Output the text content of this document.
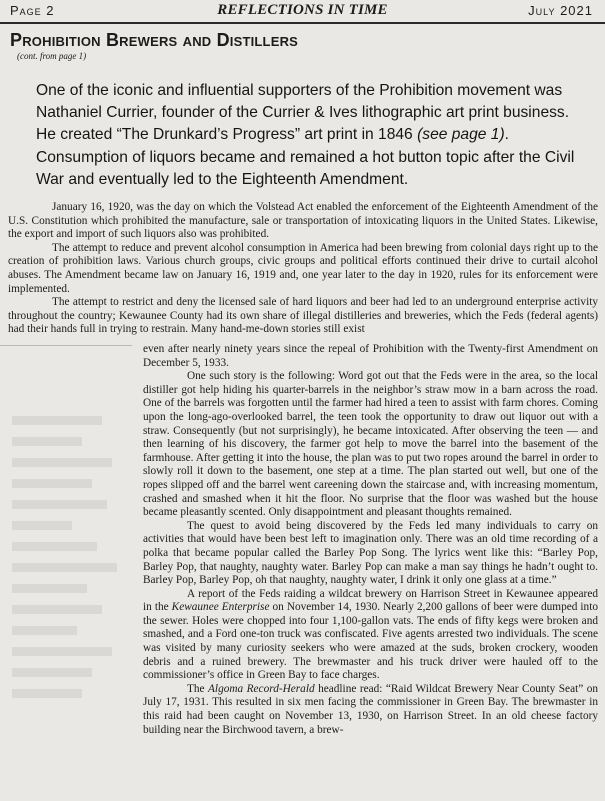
Page 2	REFLECTIONS IN TIME	July 2021
Prohibition Brewers and Distillers
(cont. from page 1)
One of the iconic and influential supporters of the Prohibition movement was Nathaniel Currier, founder of the Currier & Ives lithographic art print business. He created “The Drunkard’s Progress” art print in 1846 (see page 1). Consumption of liquors became and remained a hot button topic after the Civil War and eventually led to the Eighteenth Amendment.

January 16, 1920, was the day on which the Volstead Act enabled the enforcement of the Eighteenth Amendment of the U.S. Constitution which prohibited the manufacture, sale or transportation of intoxicating liquors in the United States. Likewise, the export and import of such liquors also was prohibited.

The attempt to reduce and prevent alcohol consumption in America had been brewing from colonial days right up to the creation of prohibition laws. Various church groups, civic groups and political efforts continued their drive to curtail alcohol abuses. The Amendment became law on January 16, 1919 and, one year later to the day in 1920, rules for its enforcement were implemented.

The attempt to restrict and deny the licensed sale of hard liquors and beer had led to an underground enterprise activity throughout the country; Kewaunee County had its own share of illegal distilleries and breweries, which the Feds (federal agents) had their hands full in trying to restrain. Many hand-me-down stories still exist

even after nearly ninety years since the repeal of Prohibition with the Twenty-first Amendment on December 5, 1933.

One such story is the following: Word got out that the Feds were in the area, so the local distiller got help hiding his quarter-barrels in the neighbor’s straw mow in a barn across the road. One of the barrels was forgotten until the farmer had hired a teen to assist with farm chores. Coming upon the long-ago-overlooked barrel, the teen took the opportunity to draw out liquor out with a straw. Consequently (but not surprisingly), he became intoxicated. After observing the teen — and then learning of his discovery, the farmer got help to move the barrel into the basement of the farmhouse. After getting it into the house, the plan was to put two ropes around the barrel in order to slowly roll it down to the basement, one step at a time. The plan started out well, but one of the ropes slipped off and the barrel went careening down the staircase and, with increasing momentum, crashed and smashed when it hit the floor. No surprise that the floor was washed but the house became pleasantly scented. Only disappointment and pleasant thoughts remained.

The quest to avoid being discovered by the Feds led many individuals to carry on activities that would have been best left to imagination only. There was an old time recording of a polka that became popular called the Barley Pop Song. The lyrics went like this: “Barley Pop, Barley Pop, that naughty, naughty water. Barley Pop can make a man say things he hadn’t ought to. Barley Pop, Barley Pop, oh that naughty, naughty water, I drink it only one glass at a time.”

A report of the Feds raiding a wildcat brewery on Harrison Street in Kewaunee appeared in the Kewaunee Enterprise on November 14, 1930. Nearly 2,200 gallons of beer were dumped into the sewer. Holes were chopped into four 1,100-gallon vats. The ends of fifty kegs were broken and smashed, and a Ford one-ton truck was confiscated. Five agents arrested two individuals. The scene was visited by many curiosity seekers who were amazed at the suds, broken crockery, wooden debris and a ruined brewery. The brewmaster and his truck driver were hauled off to the commissioner’s office in Green Bay to face charges.

The Algoma Record-Herald headline read: “Raid Wildcat Brewery Near County Seat” on July 17, 1931. This resulted in six men facing the commissioner in Green Bay. The brewmaster in this raid had been caught on November 13, 1930, on Harrison Street. In an old cheese factory building near the Birchwood tavern, a brew-
